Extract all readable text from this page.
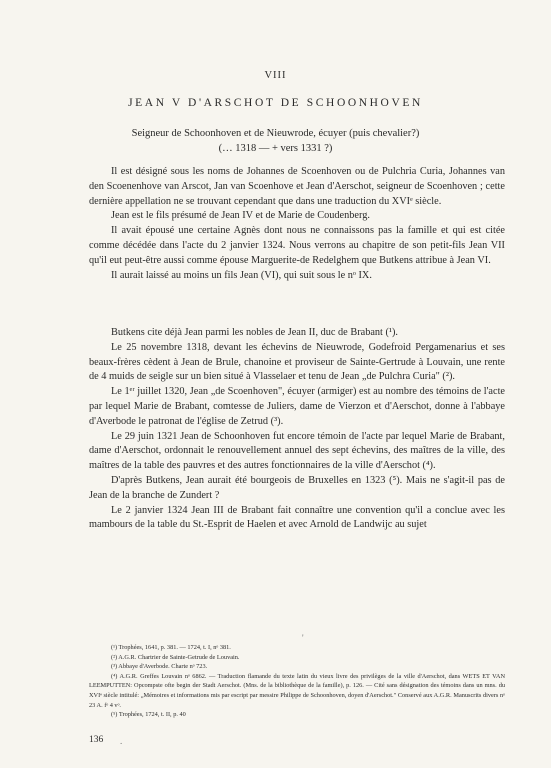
VIII
JEAN V D'ARSCHOT DE SCHOONHOVEN
Seigneur de Schoonhoven et de Nieuwrode, écuyer (puis chevalier?)
(… 1318 — + vers 1331 ?)

Il est désigné sous les noms de Johannes de Scoenhoven ou de Pulchria Curia, Johannes van den Scoenenhove van Arscot, Jan van Scoenhove et Jean d'Aerschot, seigneur de Scoenhoven ; cette dernière appellation ne se trouvant cependant que dans une traduction du XVIᵉ siècle.

Jean est le fils présumé de Jean IV et de Marie de Coudenberg.

Il avait épousé une certaine Agnès dont nous ne connaissons pas la famille et qui est citée comme décédée dans l'acte du 2 janvier 1324. Nous verrons au chapitre de son petit-fils Jean VII qu'il eut peut-être aussi comme épouse Marguerite-de Redelghem que Butkens attribue à Jean VI.

Il aurait laissé au moins un fils Jean (VI), qui suit sous le nᵒ IX.

Butkens cite déjà Jean parmi les nobles de Jean II, duc de Brabant (¹).

Le 25 novembre 1318, devant les échevins de Nieuwrode, Godefroid Pergamenarius et ses beaux-frères cèdent à Jean de Brule, chanoine et proviseur de Sainte-Gertrude à Louvain, une rente de 4 muids de seigle sur un bien situé à Vlasselaer et tenu de Jean „de Pulchra Curia" (²).

Le 1ᵉʳ juillet 1320, Jean „de Scoenhoven", écuyer (armiger) est au nombre des témoins de l'acte par lequel Marie de Brabant, comtesse de Juliers, dame de Vierzon et d'Aerschot, donne à l'abbaye d'Averbode le patronat de l'église de Zetrud (³).

Le 29 juin 1321 Jean de Schoonhoven fut encore témoin de l'acte par lequel Marie de Brabant, dame d'Aerschot, ordonnait le renouvellement annuel des sept échevins, des maîtres de la ville, des maîtres de la table des pauvres et des autres fonctionnaires de la ville d'Aerschot (⁴).

D'après Butkens, Jean aurait été bourgeois de Bruxelles en 1323 (⁵). Mais ne s'agit-il pas de Jean de la branche de Zundert ?

Le 2 janvier 1324 Jean III de Brabant fait connaître une convention qu'il a conclue avec les mambours de la table du St.-Esprit de Haelen et avec Arnold de Landwijc au sujet

(¹) Trophées, 1641, p. 381. — 1724, t. I, nᵒ 381.

(²) A.G.R. Chartrier de Sainte-Getrude de Louvain.

(³) Abbaye d'Averbode. Charte nᵒ 723.

(⁴) A.G.R. Greffes Louvain nᵒ 6862. — Traduction flamande du texte latin du vieux livre des privilèges de la ville d'Aerschot, dans WETS ET VAN LEEMPUTTEN: Opcompste ofte begin der Stadt Aerschot. (Mns. de la bibliothèque de la famille), p. 126. — Cité sans désignation des témoins dans un mns. du XVIᵉ siècle intitulé: „Mémoires et informations mis par escript par messire Philippe de Schoonhoven, doyen d'Aerschot." Conservé aux A.G.R. Manuscrits divers nᵒ 23 A. fᵒ 4 vᵒ.

(⁵) Trophées, 1724, t. II, p. 40

136
'
.
